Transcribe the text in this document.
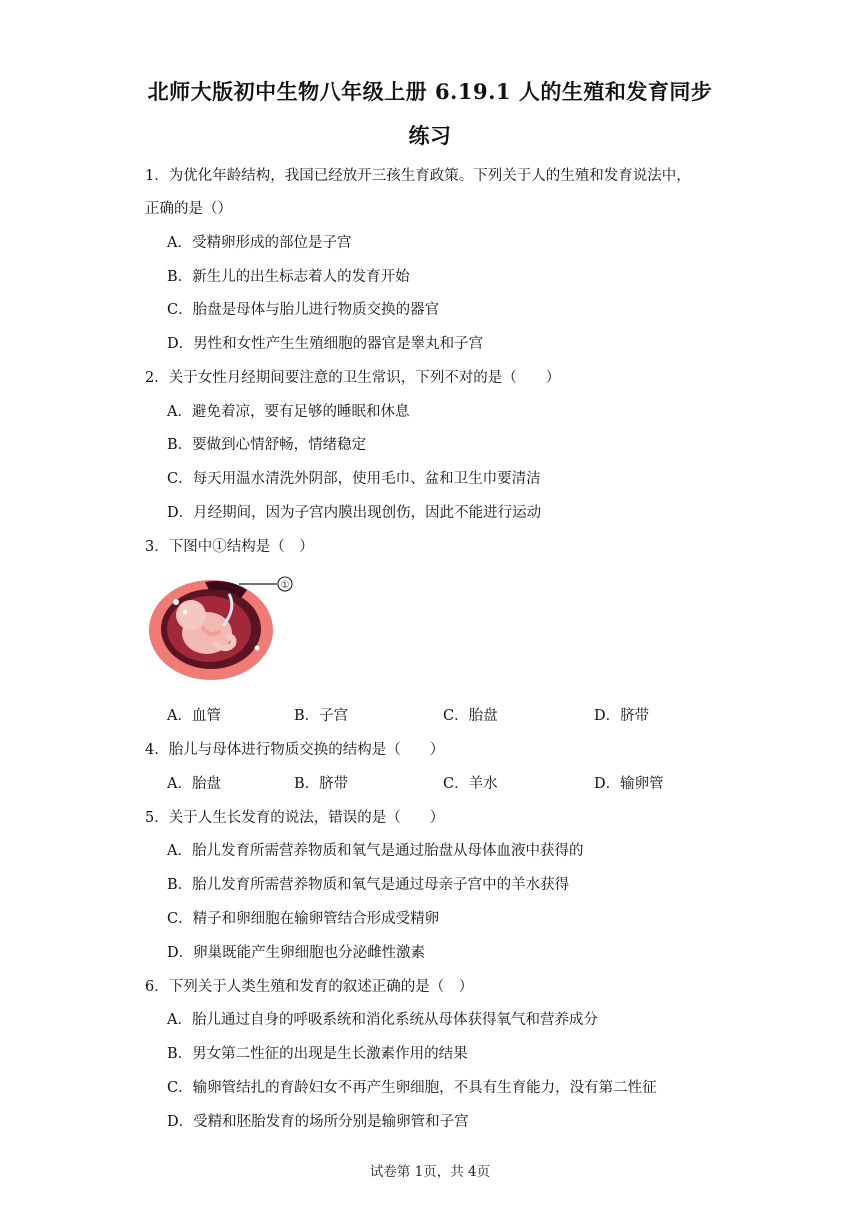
北师大版初中生物八年级上册 6.19.1 人的生殖和发育同步
练习
1．为优化年龄结构，我国已经放开三孩生育政策。下列关于人的生殖和发育说法中，
正确的是（）
A．受精卵形成的部位是子宫
B．新生儿的出生标志着人的发育开始
C．胎盘是母体与胎儿进行物质交换的器官
D．男性和女性产生生殖细胞的器官是睾丸和子宫
2．关于女性月经期间要注意的卫生常识，下列不对的是（　　）
A．避免着凉，要有足够的睡眠和休息
B．要做到心情舒畅，情绪稳定
C．每天用温水清洗外阴部，使用毛巾、盆和卫生巾要清洁
D．月经期间，因为子宫内膜出现创伤，因此不能进行运动
3．下图中①结构是（　）
①
A．血管	B．子宫	C．胎盘	D．脐带
4．胎儿与母体进行物质交换的结构是（　　）
A．胎盘	B．脐带	C．羊水	D．输卵管
5．关于人生长发育的说法，错误的是（　　）
A．胎儿发育所需营养物质和氧气是通过胎盘从母体血液中获得的
B．胎儿发育所需营养物质和氧气是通过母亲子宫中的羊水获得
C．精子和卵细胞在输卵管结合形成受精卵
D．卵巢既能产生卵细胞也分泌雌性激素
6．下列关于人类生殖和发育的叙述正确的是（　）
A．胎儿通过自身的呼吸系统和消化系统从母体获得氧气和营养成分
B．男女第二性征的出现是生长激素作用的结果
C．输卵管结扎的育龄妇女不再产生卵细胞，不具有生育能力，没有第二性征
D．受精和胚胎发育的场所分别是输卵管和子宫
试卷第 1页，共 4页
